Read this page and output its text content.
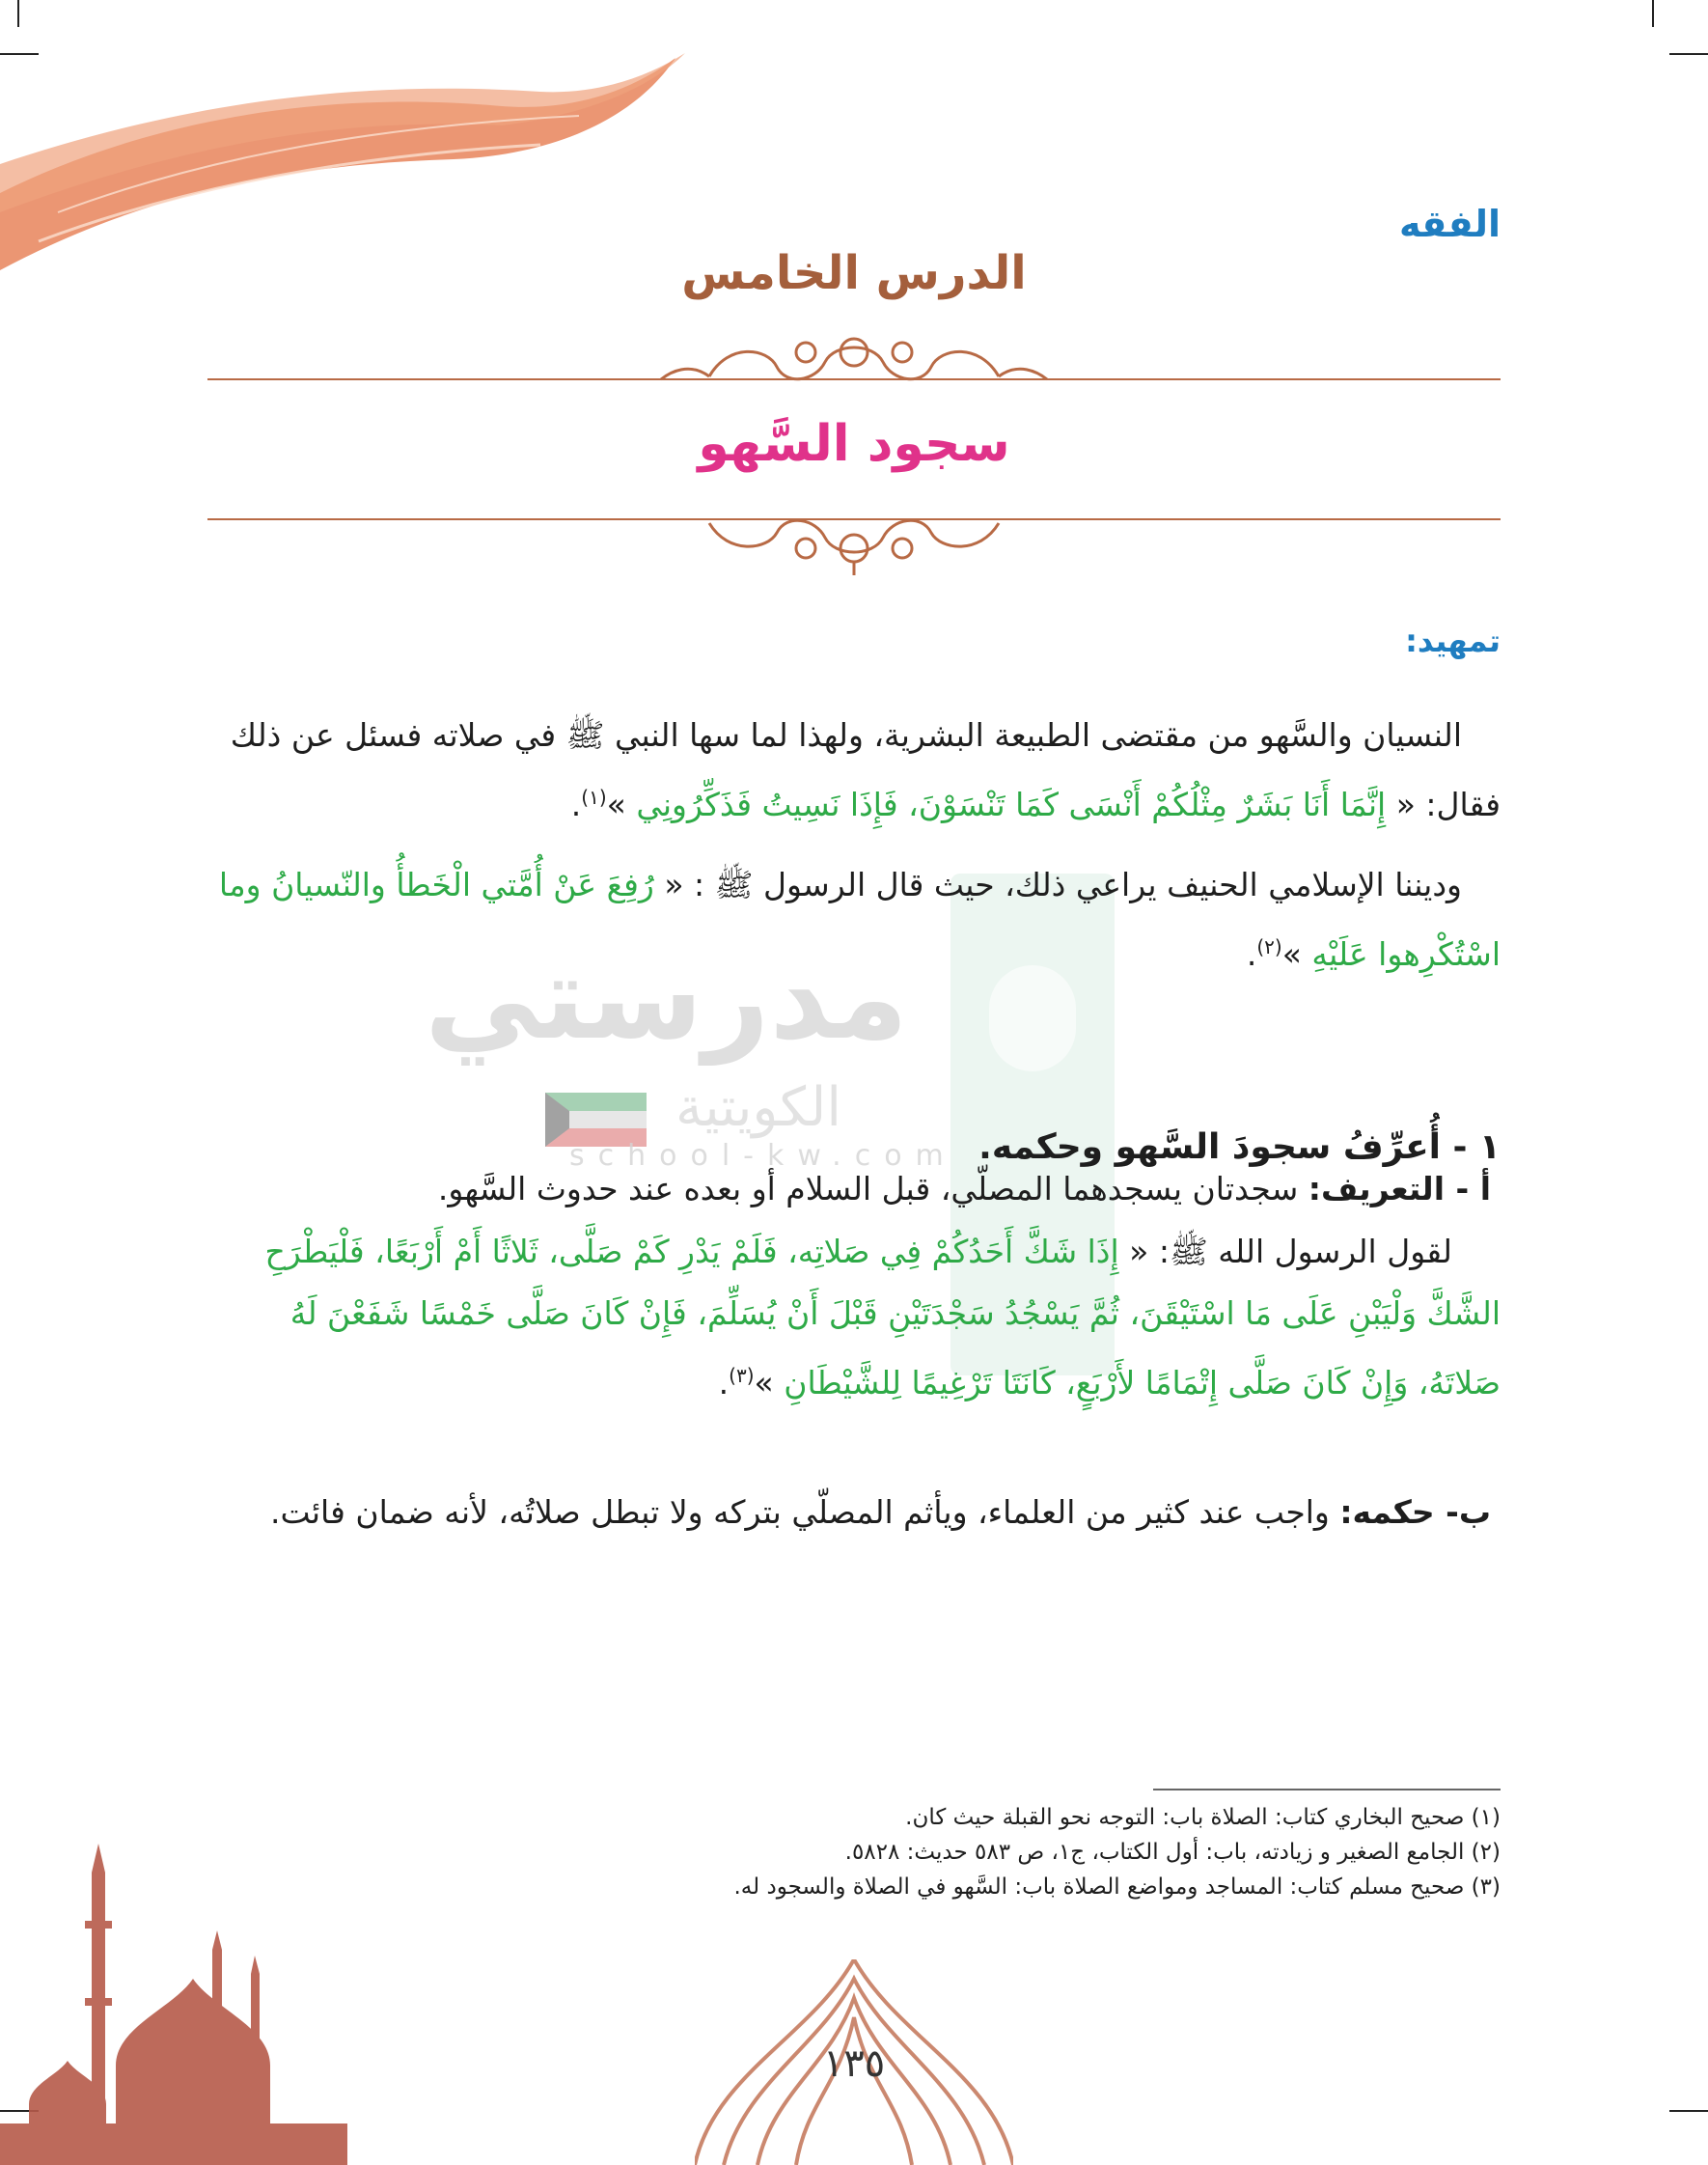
الفقه
الدرس الخامس
سجود السَّهو
مدرستي
الكويتية
school-kw.com
تمهيد:

النسيان والسَّهو من مقتضى الطبيعة البشرية، ولهذا لما سها النبي ﷺ في صلاته فسئل عن ذلك فقال: « إِنَّمَا أَنَا بَشَرٌ مِثْلُكُمْ أَنْسَى كَمَا تَنْسَوْنَ، فَإِذَا نَسِيتُ فَذَكِّرُونِي »$^{(١)}$.

وديننا الإسلامي الحنيف يراعي ذلك، حيث قال الرسول ﷺ : « رُفِعَ عَنْ أُمَّتي الْخَطأُ والنّسيانُ وما اسْتُكْرِهوا عَلَيْهِ »$^{(٢)}$.

١ - أُعرِّفُ سجودَ السَّهو وحكمه.

أ - التعريف: سجدتان يسجدهما المصلّي، قبل السلام أو بعده عند حدوث السَّهو.

لقول الرسول الله ﷺ: « إِذَا شَكَّ أَحَدُكُمْ فِي صَلاتِه، فَلَمْ يَدْرِ كَمْ صَلَّى، ثَلاثًا أَمْ أَرْبَعًا، فَلْيَطْرَحِ الشَّكَّ وَلْيَبْنِ عَلَى مَا اسْتَيْقَنَ، ثُمَّ يَسْجُدُ سَجْدَتَيْنِ قَبْلَ أَنْ يُسَلِّمَ، فَإِنْ كَانَ صَلَّى خَمْسًا شَفَعْنَ لَهُ صَلاتَهُ، وَإِنْ كَانَ صَلَّى إِتْمَامًا لأَرْبَعٍ، كَانَتَا تَرْغِيمًا لِلشَّيْطَانِ »$^{(٣)}$.

ب- حكمه: واجب عند كثير من العلماء، ويأثم المصلّي بتركه ولا تبطل صلاتُه، لأنه ضمان فائت.

(١) صحيح البخاري كتاب: الصلاة باب: التوجه نحو القبلة حيث كان.
(٢) الجامع الصغير و زيادته، باب: أول الكتاب، ج١، ص ٥٨٣ حديث: ٥٨٢٨.
(٣) صحيح مسلم كتاب: المساجد ومواضع الصلاة باب: السَّهو في الصلاة والسجود له.
١٣٥
